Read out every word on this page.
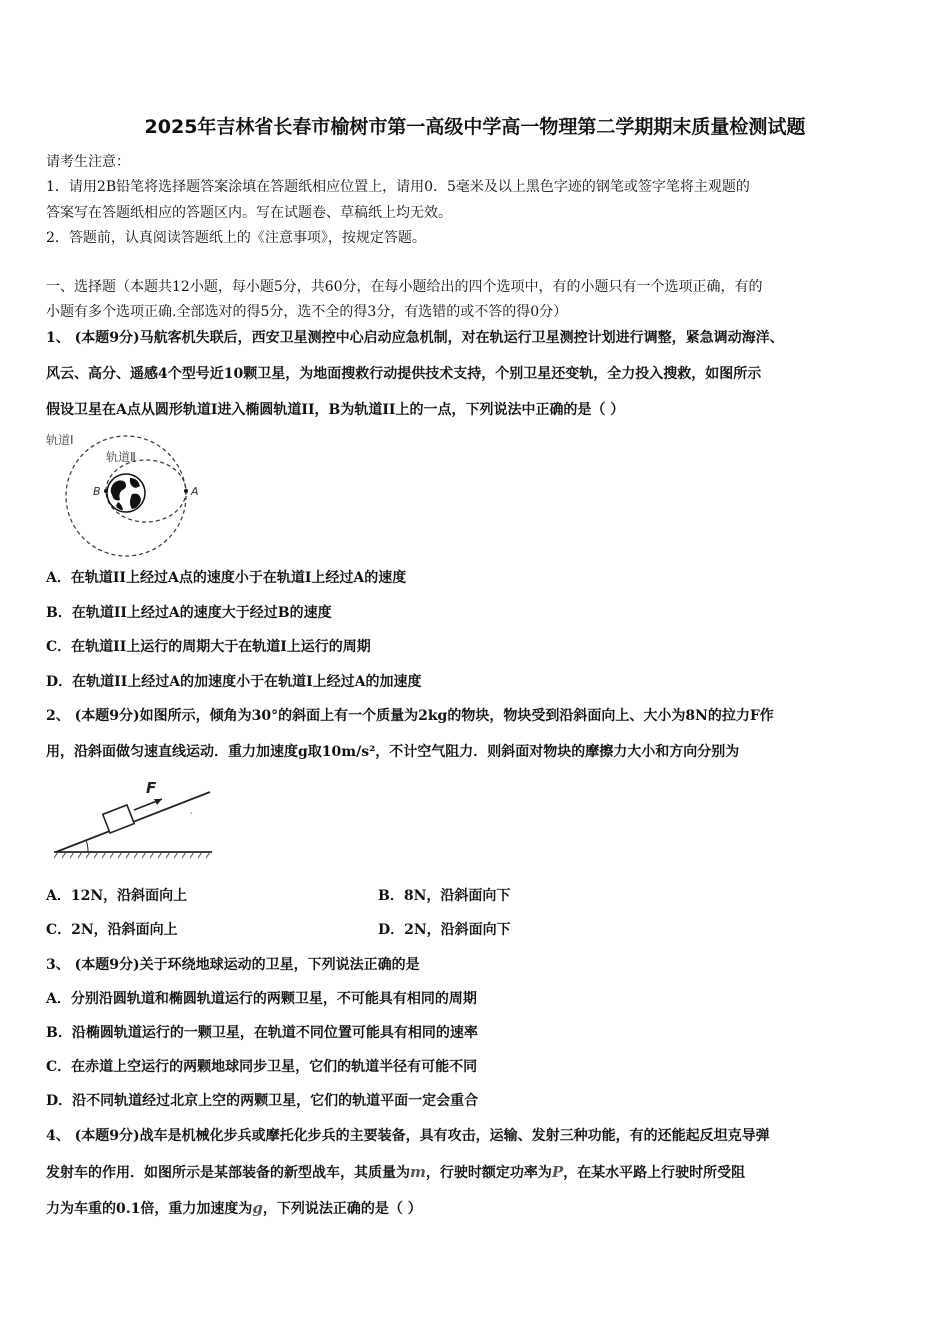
2025年吉林省长春市榆树市第一高级中学高一物理第二学期期末质量检测试题
请考生注意：
1．请用2B铅笔将选择题答案涂填在答题纸相应位置上，请用0．5毫米及以上黑色字迹的钢笔或签字笔将主观题的
答案写在答题纸相应的答题区内。写在试题卷、草稿纸上均无效。
2．答题前，认真阅读答题纸上的《注意事项》，按规定答题。
一、选择题（本题共12小题，每小题5分，共60分，在每小题给出的四个选项中，有的小题只有一个选项正确，有的
小题有多个选项正确.全部选对的得5分，选不全的得3分，有选错的或不答的得0分）
1、 (本题9分)马航客机失联后，西安卫星测控中心启动应急机制，对在轨运行卫星测控计划进行调整，紧急调动海洋、
风云、高分、遥感4个型号近10颗卫星，为地面搜救行动提供技术支持，个别卫星还变轨，全力投入搜救，如图所示
假设卫星在A点从圆形轨道I进入椭圆轨道II，B为轨道II上的一点，下列说法中正确的是（ ）
轨道Ⅰ
轨道Ⅱ
B	A
A．在轨道II上经过A点的速度小于在轨道I上经过A的速度
B．在轨道II上经过A的速度大于经过B的速度
C．在轨道II上运行的周期大于在轨道I上运行的周期
D．在轨道II上经过A的加速度小于在轨道I上经过A的加速度
2、 (本题9分)如图所示，倾角为30°的斜面上有一个质量为2kg的物块，物块受到沿斜面向上、大小为8N的拉力F作
用，沿斜面做匀速直线运动．重力加速度g取10m/s²，不计空气阻力．则斜面对物块的摩擦力大小和方向分别为
F
'
A．12N，沿斜面向上	B．8N，沿斜面向下
C．2N，沿斜面向上	D．2N，沿斜面向下
3、 (本题9分)关于环绕地球运动的卫星，下列说法正确的是
A．分别沿圆轨道和椭圆轨道运行的两颗卫星，不可能具有相同的周期
B．沿椭圆轨道运行的一颗卫星，在轨道不同位置可能具有相同的速率
C．在赤道上空运行的两颗地球同步卫星，它们的轨道半径有可能不同
D．沿不同轨道经过北京上空的两颗卫星，它们的轨道平面一定会重合
4、 (本题9分)战车是机械化步兵或摩托化步兵的主要装备，具有攻击，运输、发射三种功能，有的还能起反坦克导弹
发射车的作用．如图所示是某部装备的新型战车，其质量为m，行驶时额定功率为P，在某水平路上行驶时所受阻
力为车重的0.1倍，重力加速度为g，下列说法正确的是（ ）
